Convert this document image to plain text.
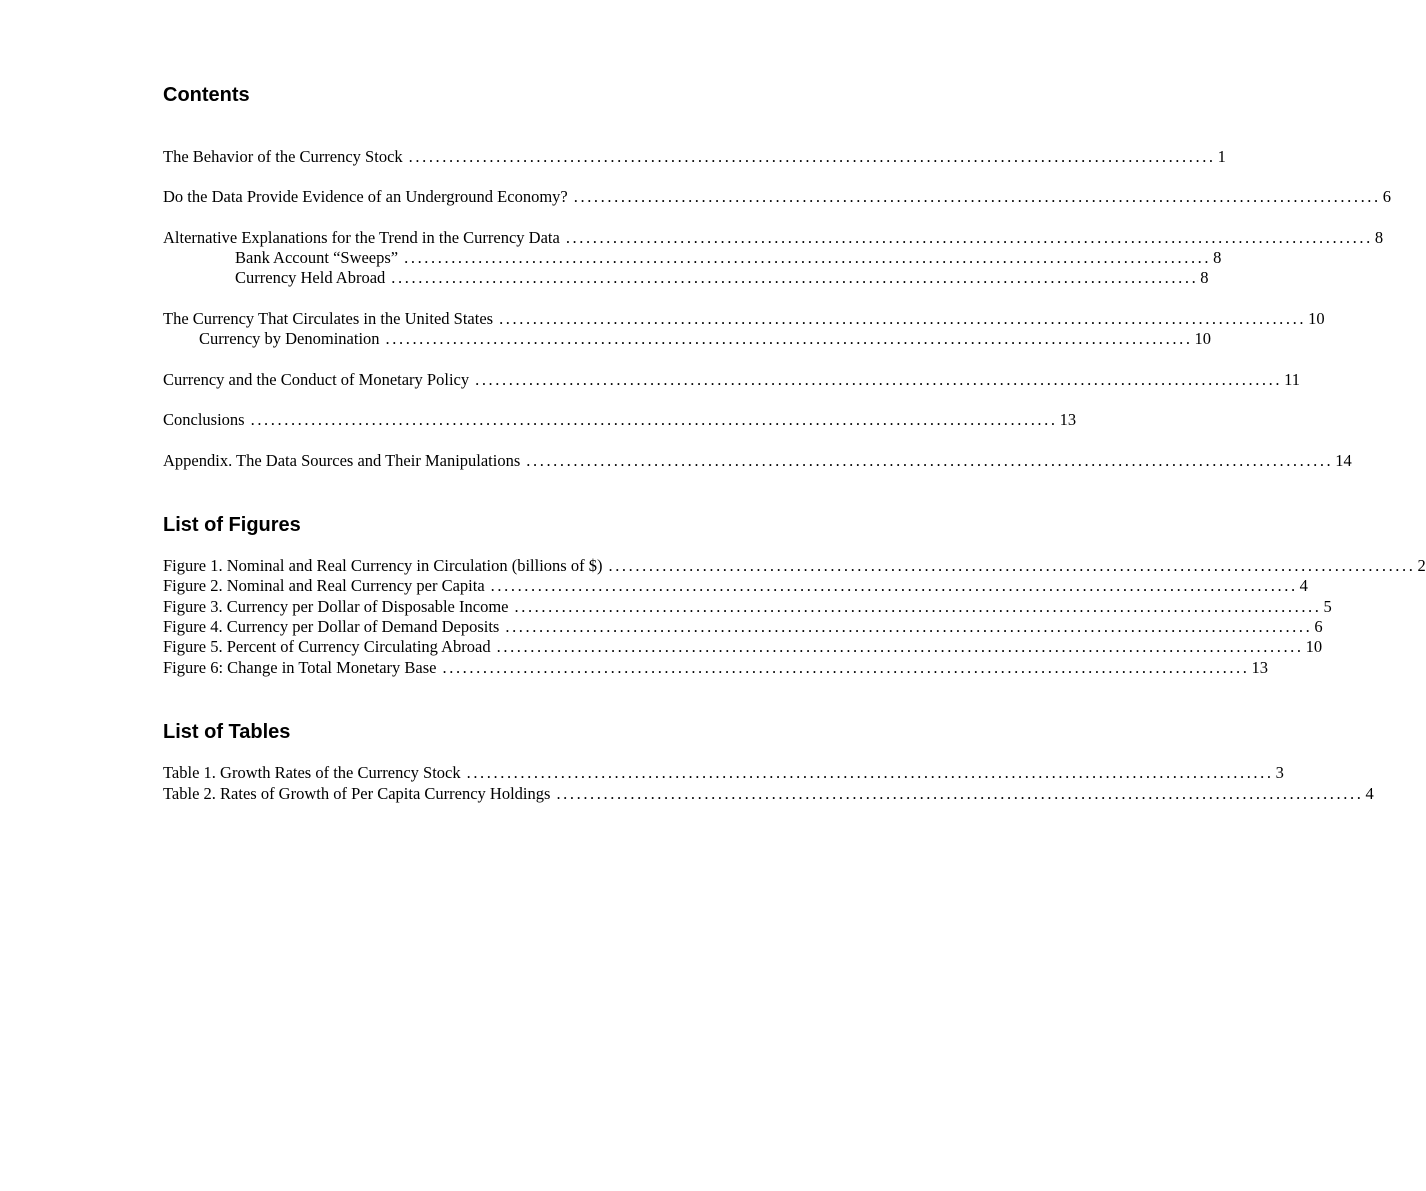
Contents
The Behavior of the Currency Stock ........................................................................................................................ 1
Do the Data Provide Evidence of an Underground Economy? ........................................................................................................................ 6
Alternative Explanations for the Trend in the Currency Data ........................................................................................................................ 8
Bank Account “Sweeps” ........................................................................................................................ 8
Currency Held Abroad ........................................................................................................................ 8
The Currency That Circulates in the United States ........................................................................................................................ 10
Currency by Denomination ........................................................................................................................ 10
Currency and the Conduct of Monetary Policy ........................................................................................................................ 11
Conclusions ........................................................................................................................ 13
Appendix. The Data Sources and Their Manipulations ........................................................................................................................ 14
List of Figures
Figure 1. Nominal and Real Currency in Circulation (billions of $) ........................................................................................................................ 2
Figure 2. Nominal and Real Currency per Capita ........................................................................................................................ 4
Figure 3. Currency per Dollar of Disposable Income ........................................................................................................................ 5
Figure 4. Currency per Dollar of Demand Deposits ........................................................................................................................ 6
Figure 5. Percent of Currency Circulating Abroad ........................................................................................................................ 10
Figure 6: Change in Total Monetary Base ........................................................................................................................ 13
List of Tables
Table 1. Growth Rates of the Currency Stock ........................................................................................................................ 3
Table 2. Rates of Growth of Per Capita Currency Holdings ........................................................................................................................ 4
